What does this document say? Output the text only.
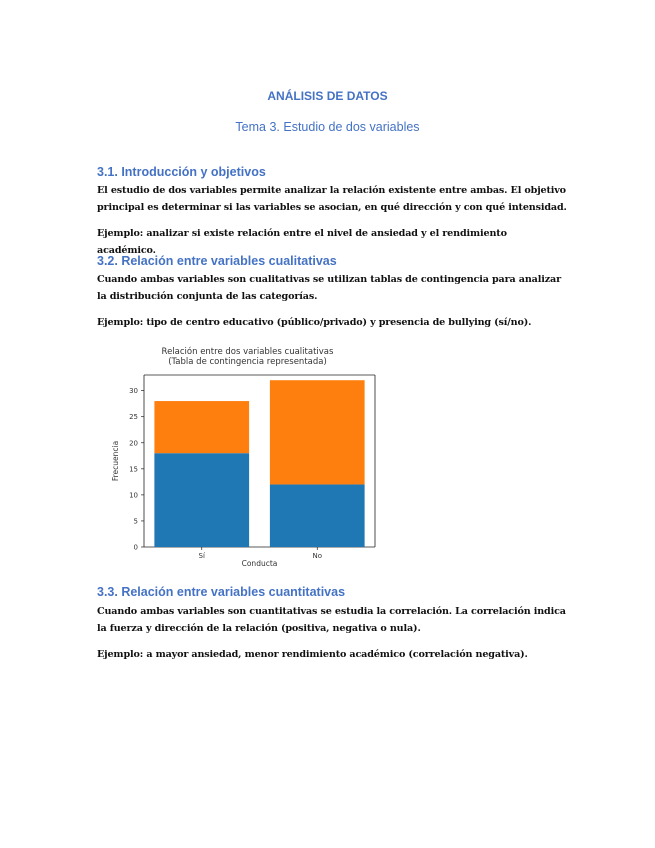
ANÁLISIS DE DATOS
Tema 3. Estudio de dos variables
3.1. Introducción y objetivos
El estudio de dos variables permite analizar la relación existente entre ambas. El objetivo principal es determinar si las variables se asocian, en qué dirección y con qué intensidad.
Ejemplo: analizar si existe relación entre el nivel de ansiedad y el rendimiento académico.
3.2. Relación entre variables cualitativas
Cuando ambas variables son cualitativas se utilizan tablas de contingencia para analizar la distribución conjunta de las categorías.
Ejemplo: tipo de centro educativo (público/privado) y presencia de bullying (sí/no).
Relación entre dos variables cualitativas
(Tabla de contingencia representada)
0
5
10
15
20
25
30
Sí	No
Conducta
Frecuencia
3.3. Relación entre variables cuantitativas
Cuando ambas variables son cuantitativas se estudia la correlación. La correlación indica la fuerza y dirección de la relación (positiva, negativa o nula).
Ejemplo: a mayor ansiedad, menor rendimiento académico (correlación negativa).
